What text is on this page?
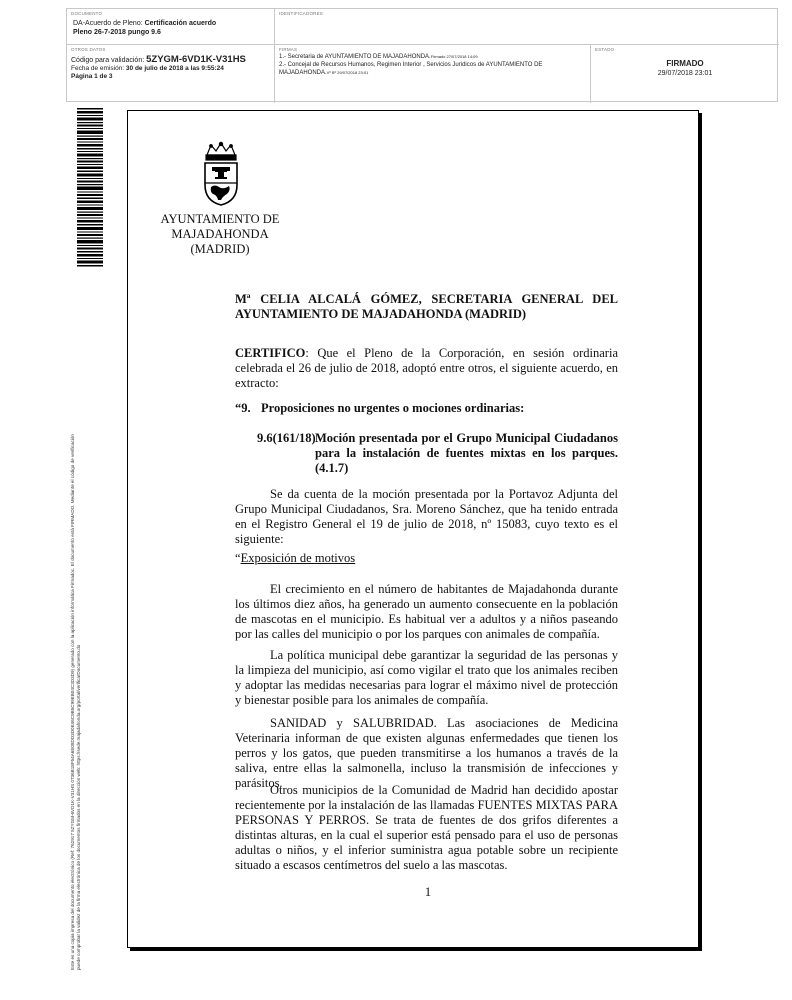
DOCUMENTO
DA-Acuerdo de Pleno: Certificación acuerdo
Pleno 26-7-2018 pungo 9.6
IDENTIFICADORES
OTROS DATOS
Código para validación: 5ZYGM-6VD1K-V31HS
Fecha de emisión: 30 de julio de 2018 a las 9:55:24
Página 1 de 3
FIRMAS
1.- Secretaria de AYUNTAMIENTO DE MAJADAHONDA.Firmado 27/07/2018 14:09
2.- Concejal de Recursos Humanos, Regimen Interior , Servicios Juridicos de AYUNTAMIENTO DE MAJADAHONDA.Vº Bº 29/07/2018 23:01
ESTADO
FIRMADO
29/07/2018 23:01
Este es una copia impresa del documento electrónico (Ref: 762917 5ZYGM-6VD1K-V31HS 0736B18F54A6E08DD3D0E46C9B5C99EB04C3D3D9) generado con la aplicación informática Firmadoc. El documento está FIRMADO. Mediante el código de verificación puede comprobar la validez de la firma electrónica de los documentos firmados en la dirección web: https://sede.majadahonda.org/portal/verificarDocumento.do
AYUNTAMIENTO DE
MAJADAHONDA
(MADRID)
Mª CELIA ALCALÁ GÓMEZ, SECRETARIA GENERAL DEL AYUNTAMIENTO DE MAJADAHONDA (MADRID)
CERTIFICO: Que el Pleno de la Corporación, en sesión ordinaria celebrada el 26 de julio de 2018, adoptó entre otros, el siguiente acuerdo, en extracto:
“9. Proposiciones no urgentes o mociones ordinarias:
9.6(161/18) Moción presentada por el Grupo Municipal Ciudadanos para la instalación de fuentes mixtas en los parques. (4.1.7)
Se da cuenta de la moción presentada por la Portavoz Adjunta del Grupo Municipal Ciudadanos, Sra. Moreno Sánchez, que ha tenido entrada en el Registro General el 19 de julio de 2018, nº 15083, cuyo texto es el siguiente:
“Exposición de motivos
El crecimiento en el número de habitantes de Majadahonda durante los últimos diez años, ha generado un aumento consecuente en la población de mascotas en el municipio. Es habitual ver a adultos y a niños paseando por las calles del municipio o por los parques con animales de compañía.
La política municipal debe garantizar la seguridad de las personas y la limpieza del municipio, así como vigilar el trato que los animales reciben y adoptar las medidas necesarias para lograr el máximo nivel de protección y bienestar posible para los animales de compañía.
SANIDAD y SALUBRIDAD. Las asociaciones de Medicina Veterinaria informan de que existen algunas enfermedades que tienen los perros y los gatos, que pueden transmitirse a los humanos a través de la saliva, entre ellas la salmonella, incluso la transmisión de infecciones y parásitos.
Otros municipios de la Comunidad de Madrid han decidido apostar recientemente por la instalación de las llamadas FUENTES MIXTAS PARA PERSONAS Y PERROS. Se trata de fuentes de dos grifos diferentes a distintas alturas, en la cual el superior está pensado para el uso de personas adultas o niños, y el inferior suministra agua potable sobre un recipiente situado a escasos centímetros del suelo a las mascotas.
1
